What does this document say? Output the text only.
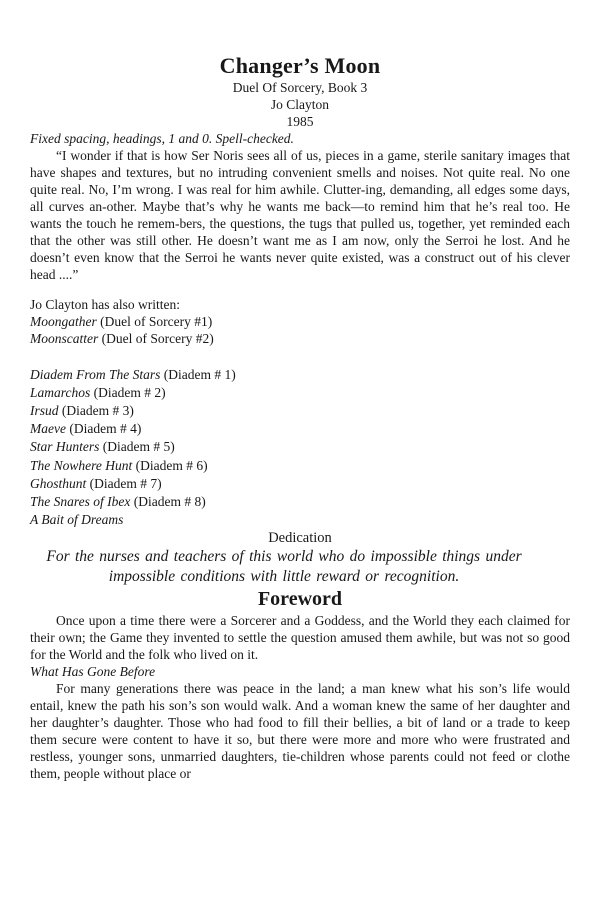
Changer’s Moon

Duel Of Sorcery, Book 3

Jo Clayton

1985

Fixed spacing, headings, 1 and 0. Spell-checked.

“I wonder if that is how Ser Noris sees all of us, pieces in a game, sterile sanitary images that have shapes and textures, but no intruding convenient smells and noises. Not quite real. No one quite real. No, I’m wrong. I was real for him awhile. Clutter-ing, demanding, all edges some days, all curves an-other. Maybe that’s why he wants me back—to remind him that he’s real too. He wants the touch he remem-bers, the questions, the tugs that pulled us, together, yet reminded each that the other was still other. He doesn’t want me as I am now, only the Serroi he lost. And he doesn’t even know that the Serroi he wants never quite existed, was a construct out of his clever head ....”

Jo Clayton has also written:

Moongather (Duel of Sorcery #1)

Moonscatter (Duel of Sorcery #2)

Diadem From The Stars (Diadem # 1)

Lamarchos (Diadem # 2)

Irsud (Diadem # 3)

Maeve (Diadem # 4)

Star Hunters (Diadem # 5)

The Nowhere Hunt (Diadem # 6)

Ghosthunt (Diadem # 7)

The Snares of Ibex (Diadem # 8)

A Bait of Dreams

Dedication

For the nurses and teachers of this world who do impossible things under impossible conditions with little reward or recognition.

Foreword

Once upon a time there were a Sorcerer and a Goddess, and the World they each claimed for their own; the Game they invented to settle the question amused them awhile, but was not so good for the World and the folk who lived on it.

What Has Gone Before

For many generations there was peace in the land; a man knew what his son’s life would entail, knew the path his son’s son would walk. And a woman knew the same of her daughter and her daughter’s daughter. Those who had food to fill their bellies, a bit of land or a trade to keep them secure were content to have it so, but there were more and more who were frustrated and restless, younger sons, unmarried daughters, tie-children whose parents could not feed or clothe them, people without place or
